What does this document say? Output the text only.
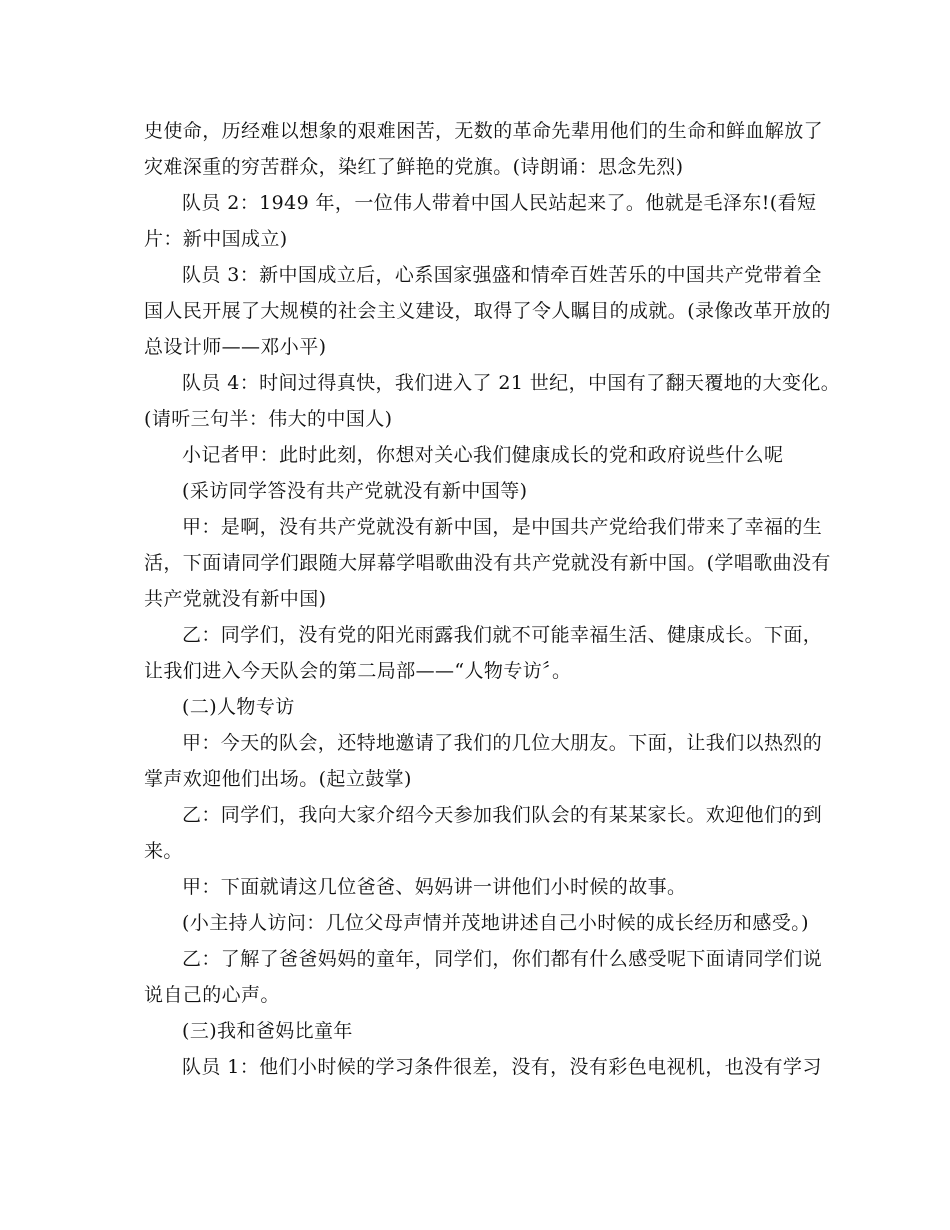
史使命，历经难以想象的艰难困苦，无数的革命先辈用他们的生命和鲜血解放了
灾难深重的穷苦群众，染红了鲜艳的党旗。(诗朗诵：思念先烈)
队员 2：1949 年，一位伟人带着中国人民站起来了。他就是毛泽东!(看短
片：新中国成立)
队员 3：新中国成立后，心系国家强盛和情牵百姓苦乐的中国共产党带着全
国人民开展了大规模的社会主义建设，取得了令人瞩目的成就。(录像改革开放的
总设计师——邓小平)
队员 4：时间过得真快，我们进入了 21 世纪，中国有了翻天覆地的大变化。
(请听三句半：伟大的中国人)
小记者甲：此时此刻，你想对关心我们健康成长的党和政府说些什么呢
(采访同学答没有共产党就没有新中国等)
甲：是啊，没有共产党就没有新中国，是中国共产党给我们带来了幸福的生
活，下面请同学们跟随大屏幕学唱歌曲没有共产党就没有新中国。(学唱歌曲没有
共产党就没有新中国)
乙：同学们，没有党的阳光雨露我们就不可能幸福生活、健康成长。下面，
让我们进入今天队会的第二局部——“人物专访〞。
(二)人物专访
甲：今天的队会，还特地邀请了我们的几位大朋友。下面，让我们以热烈的
掌声欢迎他们出场。(起立鼓掌)
乙：同学们，我向大家介绍今天参加我们队会的有某某家长。欢迎他们的到
来。
甲：下面就请这几位爸爸、妈妈讲一讲他们小时候的故事。
(小主持人访问：几位父母声情并茂地讲述自己小时候的成长经历和感受。)
乙：了解了爸爸妈妈的童年，同学们，你们都有什么感受呢下面请同学们说
说自己的心声。
(三)我和爸妈比童年
队员 1：他们小时候的学习条件很差，没有，没有彩色电视机，也没有学习
